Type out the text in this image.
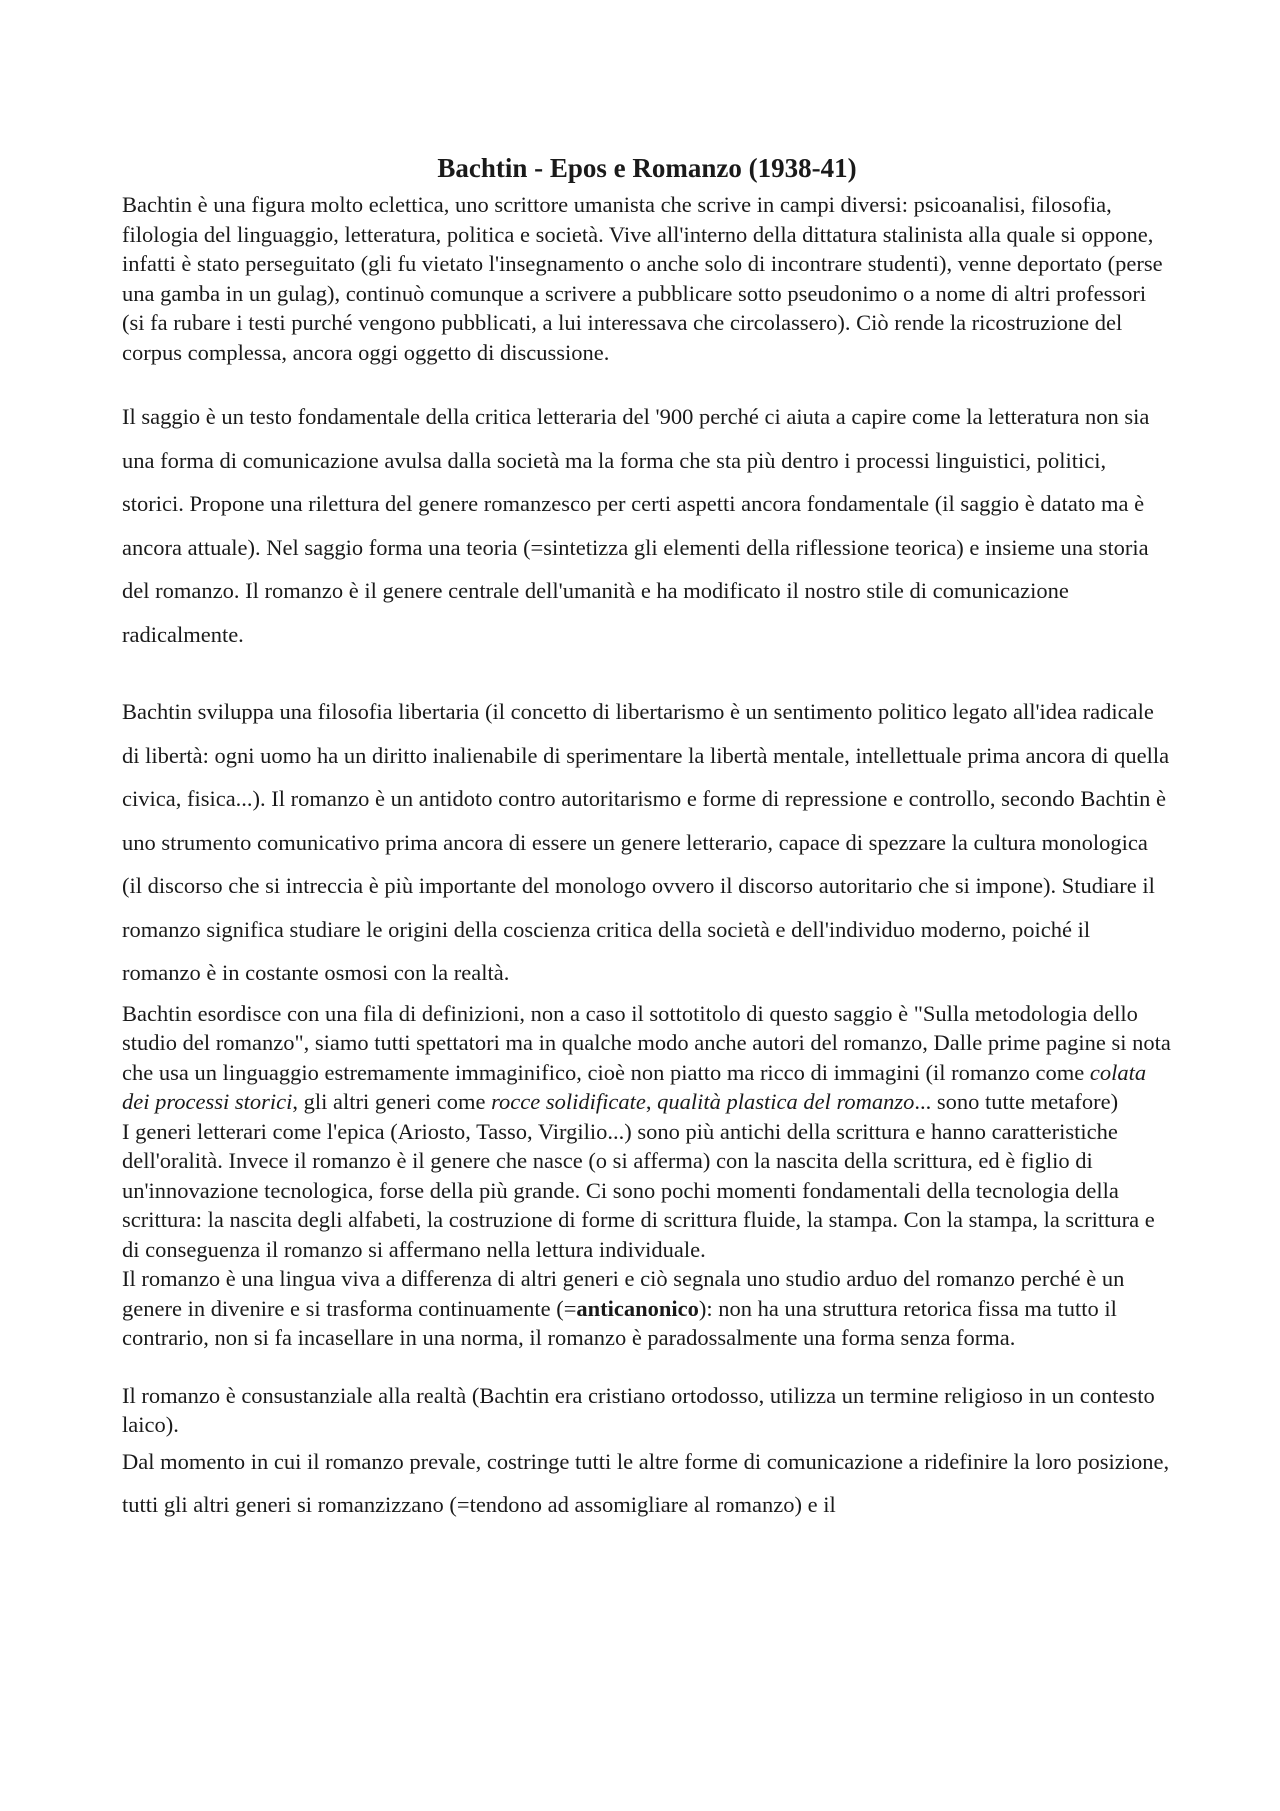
Bachtin - Epos e Romanzo (1938-41)

Bachtin è una figura molto eclettica, uno scrittore umanista che scrive in campi diversi: psicoanalisi, filosofia, filologia del linguaggio, letteratura, politica e società. Vive all'interno della dittatura stalinista alla quale si oppone, infatti è stato perseguitato (gli fu vietato l'insegnamento o anche solo di incontrare studenti), venne deportato (perse una gamba in un gulag), continuò comunque a scrivere a pubblicare sotto pseudonimo o a nome di altri professori (si fa rubare i testi purché vengono pubblicati, a lui interessava che circolassero). Ciò rende la ricostruzione del corpus complessa, ancora oggi oggetto di discussione.

Il saggio è un testo fondamentale della critica letteraria del '900 perché ci aiuta a capire come la letteratura non sia una forma di comunicazione avulsa dalla società ma la forma che sta più dentro i processi linguistici, politici, storici. Propone una rilettura del genere romanzesco per certi aspetti ancora fondamentale (il saggio è datato ma è ancora attuale). Nel saggio forma una teoria (=sintetizza gli elementi della riflessione teorica) e insieme una storia del romanzo. Il romanzo è il genere centrale dell'umanità e ha modificato il nostro stile di comunicazione radicalmente.

Bachtin sviluppa una filosofia libertaria (il concetto di libertarismo è un sentimento politico legato all'idea radicale di libertà: ogni uomo ha un diritto inalienabile di sperimentare la libertà mentale, intellettuale prima ancora di quella civica, fisica...). Il romanzo è un antidoto contro autoritarismo e forme di repressione e controllo, secondo Bachtin è uno strumento comunicativo prima ancora di essere un genere letterario, capace di spezzare la cultura monologica (il discorso che si intreccia è più importante del monologo ovvero il discorso autoritario che si impone). Studiare il romanzo significa studiare le origini della coscienza critica della società e dell'individuo moderno, poiché il romanzo è in costante osmosi con la realtà.

Bachtin esordisce con una fila di definizioni, non a caso il sottotitolo di questo saggio è "Sulla metodologia dello studio del romanzo", siamo tutti spettatori ma in qualche modo anche autori del romanzo, Dalle prime pagine si nota che usa un linguaggio estremamente immaginifico, cioè non piatto ma ricco di immagini (il romanzo come colata dei processi storici, gli altri generi come rocce solidificate, qualità plastica del romanzo... sono tutte metafore)

I generi letterari come l'epica (Ariosto, Tasso, Virgilio...) sono più antichi della scrittura e hanno caratteristiche dell'oralità. Invece il romanzo è il genere che nasce (o si afferma) con la nascita della scrittura, ed è figlio di un'innovazione tecnologica, forse della più grande. Ci sono pochi momenti fondamentali della tecnologia della scrittura: la nascita degli alfabeti, la costruzione di forme di scrittura fluide, la stampa. Con la stampa, la scrittura e di conseguenza il romanzo si affermano nella lettura individuale.

Il romanzo è una lingua viva a differenza di altri generi e ciò segnala uno studio arduo del romanzo perché è un genere in divenire e si trasforma continuamente (=anticanonico): non ha una struttura retorica fissa ma tutto il contrario, non si fa incasellare in una norma, il romanzo è paradossalmente una forma senza forma.

Il romanzo è consustanziale alla realtà (Bachtin era cristiano ortodosso, utilizza un termine religioso in un contesto laico).

Dal momento in cui il romanzo prevale, costringe tutti le altre forme di comunicazione a ridefinire la loro posizione, tutti gli altri generi si romanzizzano (=tendono ad assomigliare al romanzo) e il
